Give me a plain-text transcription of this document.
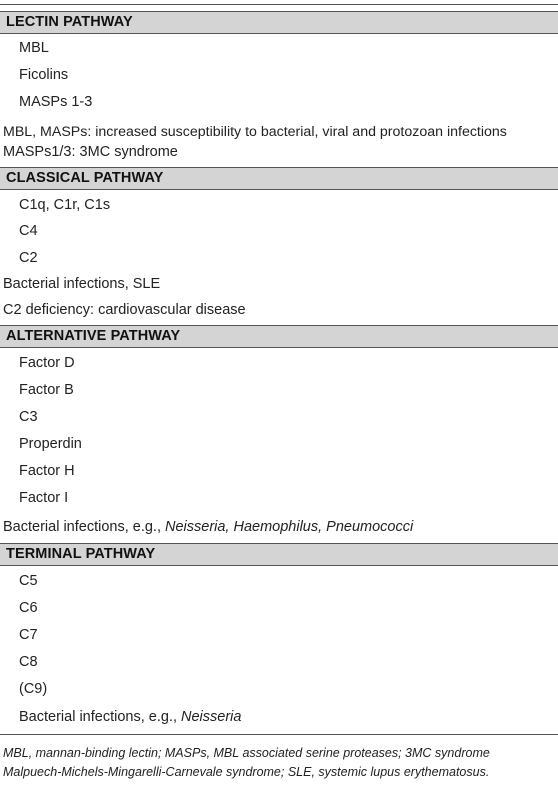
LECTIN PATHWAY
MBL
Ficolins
MASPs 1-3
MBL, MASPs: increased susceptibility to bacterial, viral and protozoan infections
MASPs1/3: 3MC syndrome
CLASSICAL PATHWAY
C1q, C1r, C1s
C4
C2
Bacterial infections, SLE
C2 deficiency: cardiovascular disease
ALTERNATIVE PATHWAY
Factor D
Factor B
C3
Properdin
Factor H
Factor I
Bacterial infections, e.g., Neisseria, Haemophilus, Pneumococci
TERMINAL PATHWAY
C5
C6
C7
C8
(C9)
Bacterial infections, e.g., Neisseria
MBL, mannan-binding lectin; MASPs, MBL associated serine proteases; 3MC syndrome
Malpuech-Michels-Mingarelli-Carnevale syndrome; SLE, systemic lupus erythematosus.
